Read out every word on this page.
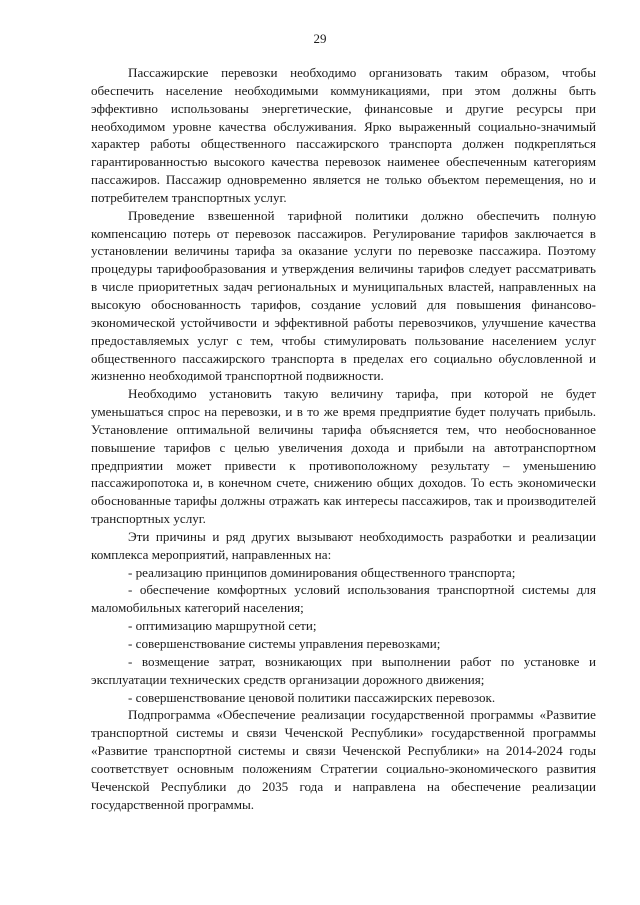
29

Пассажирские перевозки необходимо организовать таким образом, чтобы обеспечить население необходимыми коммуникациями, при этом должны быть эффективно использованы энергетические, финансовые и другие ресурсы при необходимом уровне качества обслуживания. Ярко выраженный социально-значимый характер работы общественного пассажирского транспорта должен подкрепляться гарантированностью высокого качества перевозок наименее обеспеченным категориям пассажиров. Пассажир одновременно является не только объектом перемещения, но и потребителем транспортных услуг.

Проведение взвешенной тарифной политики должно обеспечить полную компенсацию потерь от перевозок пассажиров. Регулирование тарифов заключается в установлении величины тарифа за оказание услуги по перевозке пассажира. Поэтому процедуры тарифообразования и утверждения величины тарифов следует рассматривать в числе приоритетных задач региональных и муниципальных властей, направленных на высокую обоснованность тарифов, создание условий для повышения финансово-экономической устойчивости и эффективной работы перевозчиков, улучшение качества предоставляемых услуг с тем, чтобы стимулировать пользование населением услуг общественного пассажирского транспорта в пределах его социально обусловленной и жизненно необходимой транспортной подвижности.

Необходимо установить такую величину тарифа, при которой не будет уменьшаться спрос на перевозки, и в то же время предприятие будет получать прибыль. Установление оптимальной величины тарифа объясняется тем, что необоснованное повышение тарифов с целью увеличения дохода и прибыли на автотранспортном предприятии может привести к противоположному результату – уменьшению пассажиропотока и, в конечном счете, снижению общих доходов. То есть экономически обоснованные тарифы должны отражать как интересы пассажиров, так и производителей транспортных услуг.

Эти причины и ряд других вызывают необходимость разработки и реализации комплекса мероприятий, направленных на:

- реализацию принципов доминирования общественного транспорта;

- обеспечение комфортных условий использования транспортной системы для маломобильных категорий населения;

- оптимизацию маршрутной сети;

- совершенствование системы управления перевозками;

- возмещение затрат, возникающих при выполнении работ по установке и эксплуатации технических средств организации дорожного движения;

- совершенствование ценовой политики пассажирских перевозок.

Подпрограмма «Обеспечение реализации государственной программы «Развитие транспортной системы и связи Чеченской Республики» государственной программы «Развитие транспортной системы и связи Чеченской Республики» на 2014-2024 годы соответствует основным положениям Стратегии социально-экономического развития Чеченской Республики до 2035 года и направлена на обеспечение реализации государственной программы.
